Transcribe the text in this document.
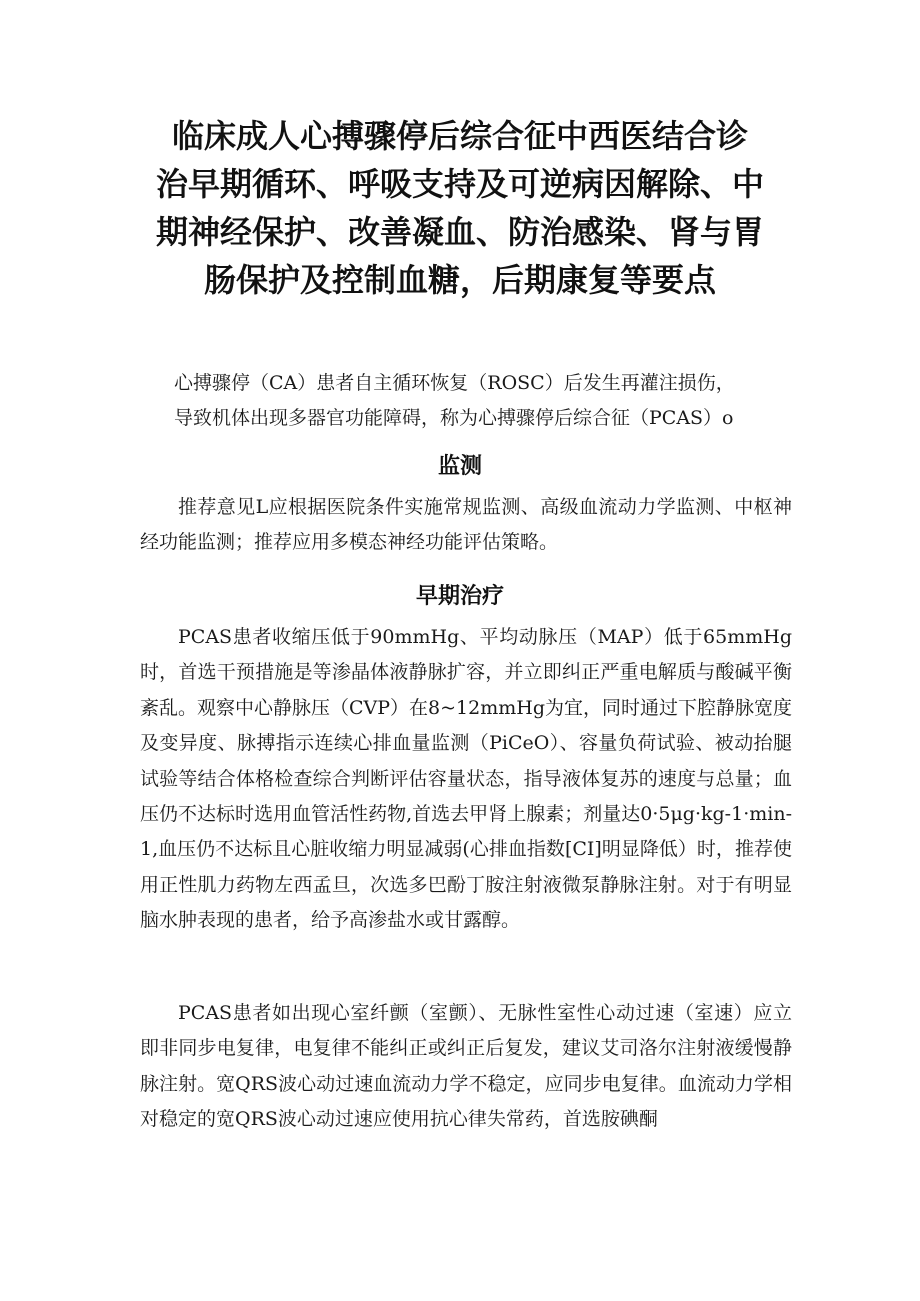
临床成人心搏骤停后综合征中西医结合诊
治早期循环、呼吸支持及可逆病因解除、中
期神经保护、改善凝血、防治感染、肾与胃
肠保护及控制血糖，后期康复等要点
心搏骤停（CA）患者自主循环恢复（ROSC）后发生再灌注损伤，
导致机体出现多器官功能障碍，称为心搏骤停后综合征（PCAS）o
监测

推荐意见L应根据医院条件实施常规监测、高级血流动力学监测、中枢神经功能监测；推荐应用多模态神经功能评估策略。

早期治疗

PCAS患者收缩压低于90mmHg、平均动脉压（MAP）低于65mmHg时，首选干预措施是等渗晶体液静脉扩容，并立即纠正严重电解质与酸碱平衡紊乱。观察中心静脉压（CVP）在8~12mmHg为宜，同时通过下腔静脉宽度及变异度、脉搏指示连续心排血量监测（PiCeO）、容量负荷试验、被动抬腿试验等结合体格检查综合判断评估容量状态，指导液体复苏的速度与总量；血压仍不达标时选用血管活性药物,首选去甲肾上腺素；剂量达0·5μg·kg-1·min-1,血压仍不达标且心脏收缩力明显减弱(心排血指数[CI]明显降低）时，推荐使用正性肌力药物左西孟旦，次选多巴酚丁胺注射液微泵静脉注射。对于有明显脑水肿表现的患者，给予高渗盐水或甘露醇。

PCAS患者如出现心室纤颤（室颤）、无脉性室性心动过速（室速）应立即非同步电复律，电复律不能纠正或纠正后复发，建议艾司洛尔注射液缓慢静脉注射。宽QRS波心动过速血流动力学不稳定，应同步电复律。血流动力学相对稳定的宽QRS波心动过速应使用抗心律失常药，首选胺碘酮
